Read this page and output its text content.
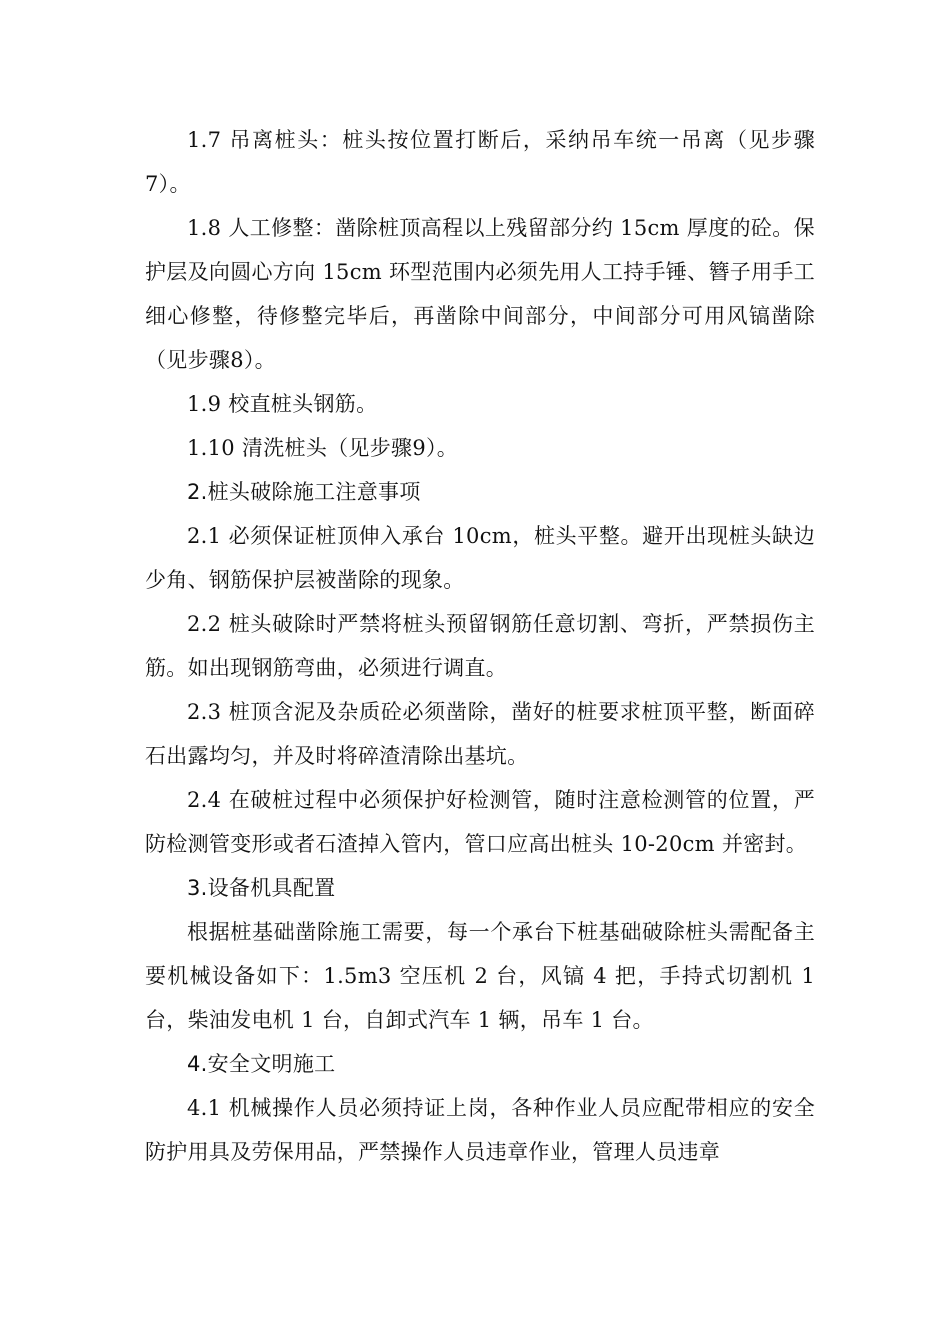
1.7 吊离桩头：桩头按位置打断后，采纳吊车统一吊离（见步骤7）。

1.8 人工修整：凿除桩顶高程以上残留部分约 15cm 厚度的砼。保护层及向圆心方向 15cm 环型范围内必须先用人工持手锤、簪子用手工细心修整，待修整完毕后，再凿除中间部分，中间部分可用风镐凿除（见步骤8）。

1.9 校直桩头钢筋。

1.10 清洗桩头（见步骤9）。

2.桩头破除施工注意事项

2.1 必须保证桩顶伸入承台 10cm，桩头平整。避开出现桩头缺边少角、钢筋保护层被凿除的现象。

2.2 桩头破除时严禁将桩头预留钢筋任意切割、弯折，严禁损伤主筋。如出现钢筋弯曲，必须进行调直。

2.3 桩顶含泥及杂质砼必须凿除，凿好的桩要求桩顶平整，断面碎石出露均匀，并及时将碎渣清除出基坑。

2.4 在破桩过程中必须保护好检测管，随时注意检测管的位置，严防检测管变形或者石渣掉入管内，管口应高出桩头 10-20cm 并密封。

3.设备机具配置

根据桩基础凿除施工需要，每一个承台下桩基础破除桩头需配备主要机械设备如下：1.5m3 空压机 2 台，风镐 4 把，手持式切割机 1 台，柴油发电机 1 台，自卸式汽车 1 辆，吊车 1 台。

4.安全文明施工

4.1 机械操作人员必须持证上岗，各种作业人员应配带相应的安全防护用具及劳保用品，严禁操作人员违章作业，管理人员违章
